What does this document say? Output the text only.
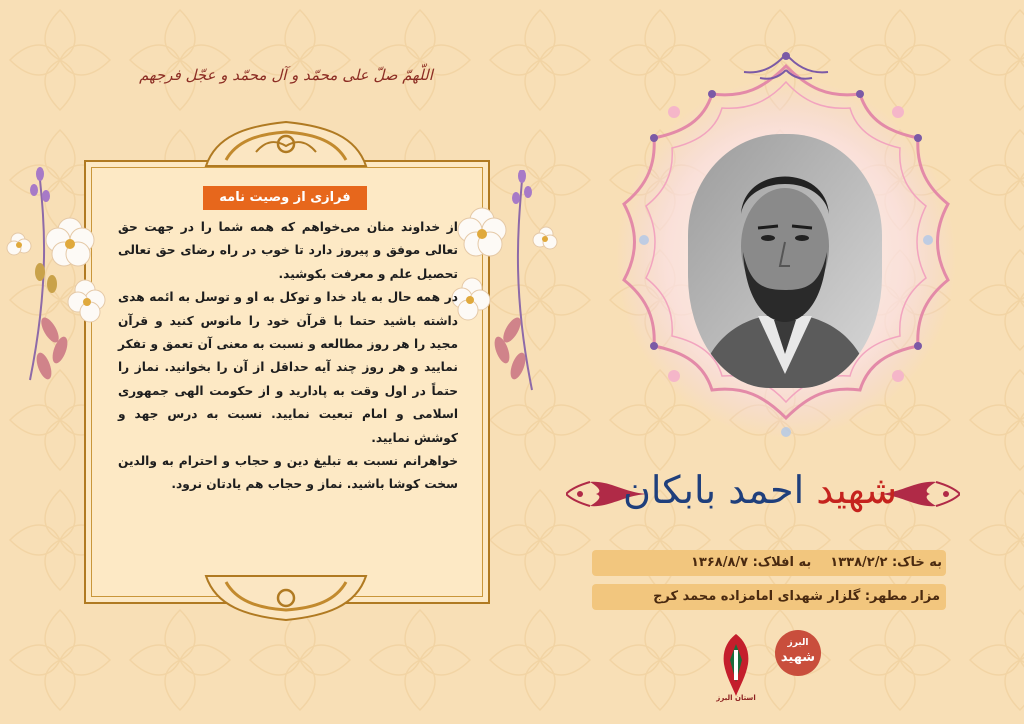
اللّهمّ صلّ علی محمّد و آل محمّد و عجّل فرجهم
فرازی از وصیت نامه

از خداوند منان می‌خواهم که همه شما را در جهت حق تعالی موفق و پیروز دارد تا خوب در راه رضای حق تعالی تحصیل علم و معرفت بکوشید.

در همه حال به یاد خدا و توکل به او و توسل به ائمه هدی داشته باشید حتما با قرآن خود را مانوس کنید و قرآن مجید را هر روز مطالعه و نسبت به معنی آن تعمق و تفکر نمایید و هر روز چند آیه حداقل از آن را بخوانید. نماز را حتماً در اول وقت به پادارید و از حکومت الهی جمهوری اسلامی و امام تبعیت نمایید. نسبت به درس جهد و کوشش نمایید.

خواهرانم نسبت به تبلیغ دین و حجاب و احترام به والدین سخت کوشا باشید. نماز و حجاب هم یادتان نرود.	شهید احمد بابکان
به خاک: ۱۳۳۸/۲/۲  به افلاک: ۱۳۶۸/۸/۷
مزار مطهر: گلزار شهدای امامزاده محمد کرج
استان البرز
البرز
شهید
